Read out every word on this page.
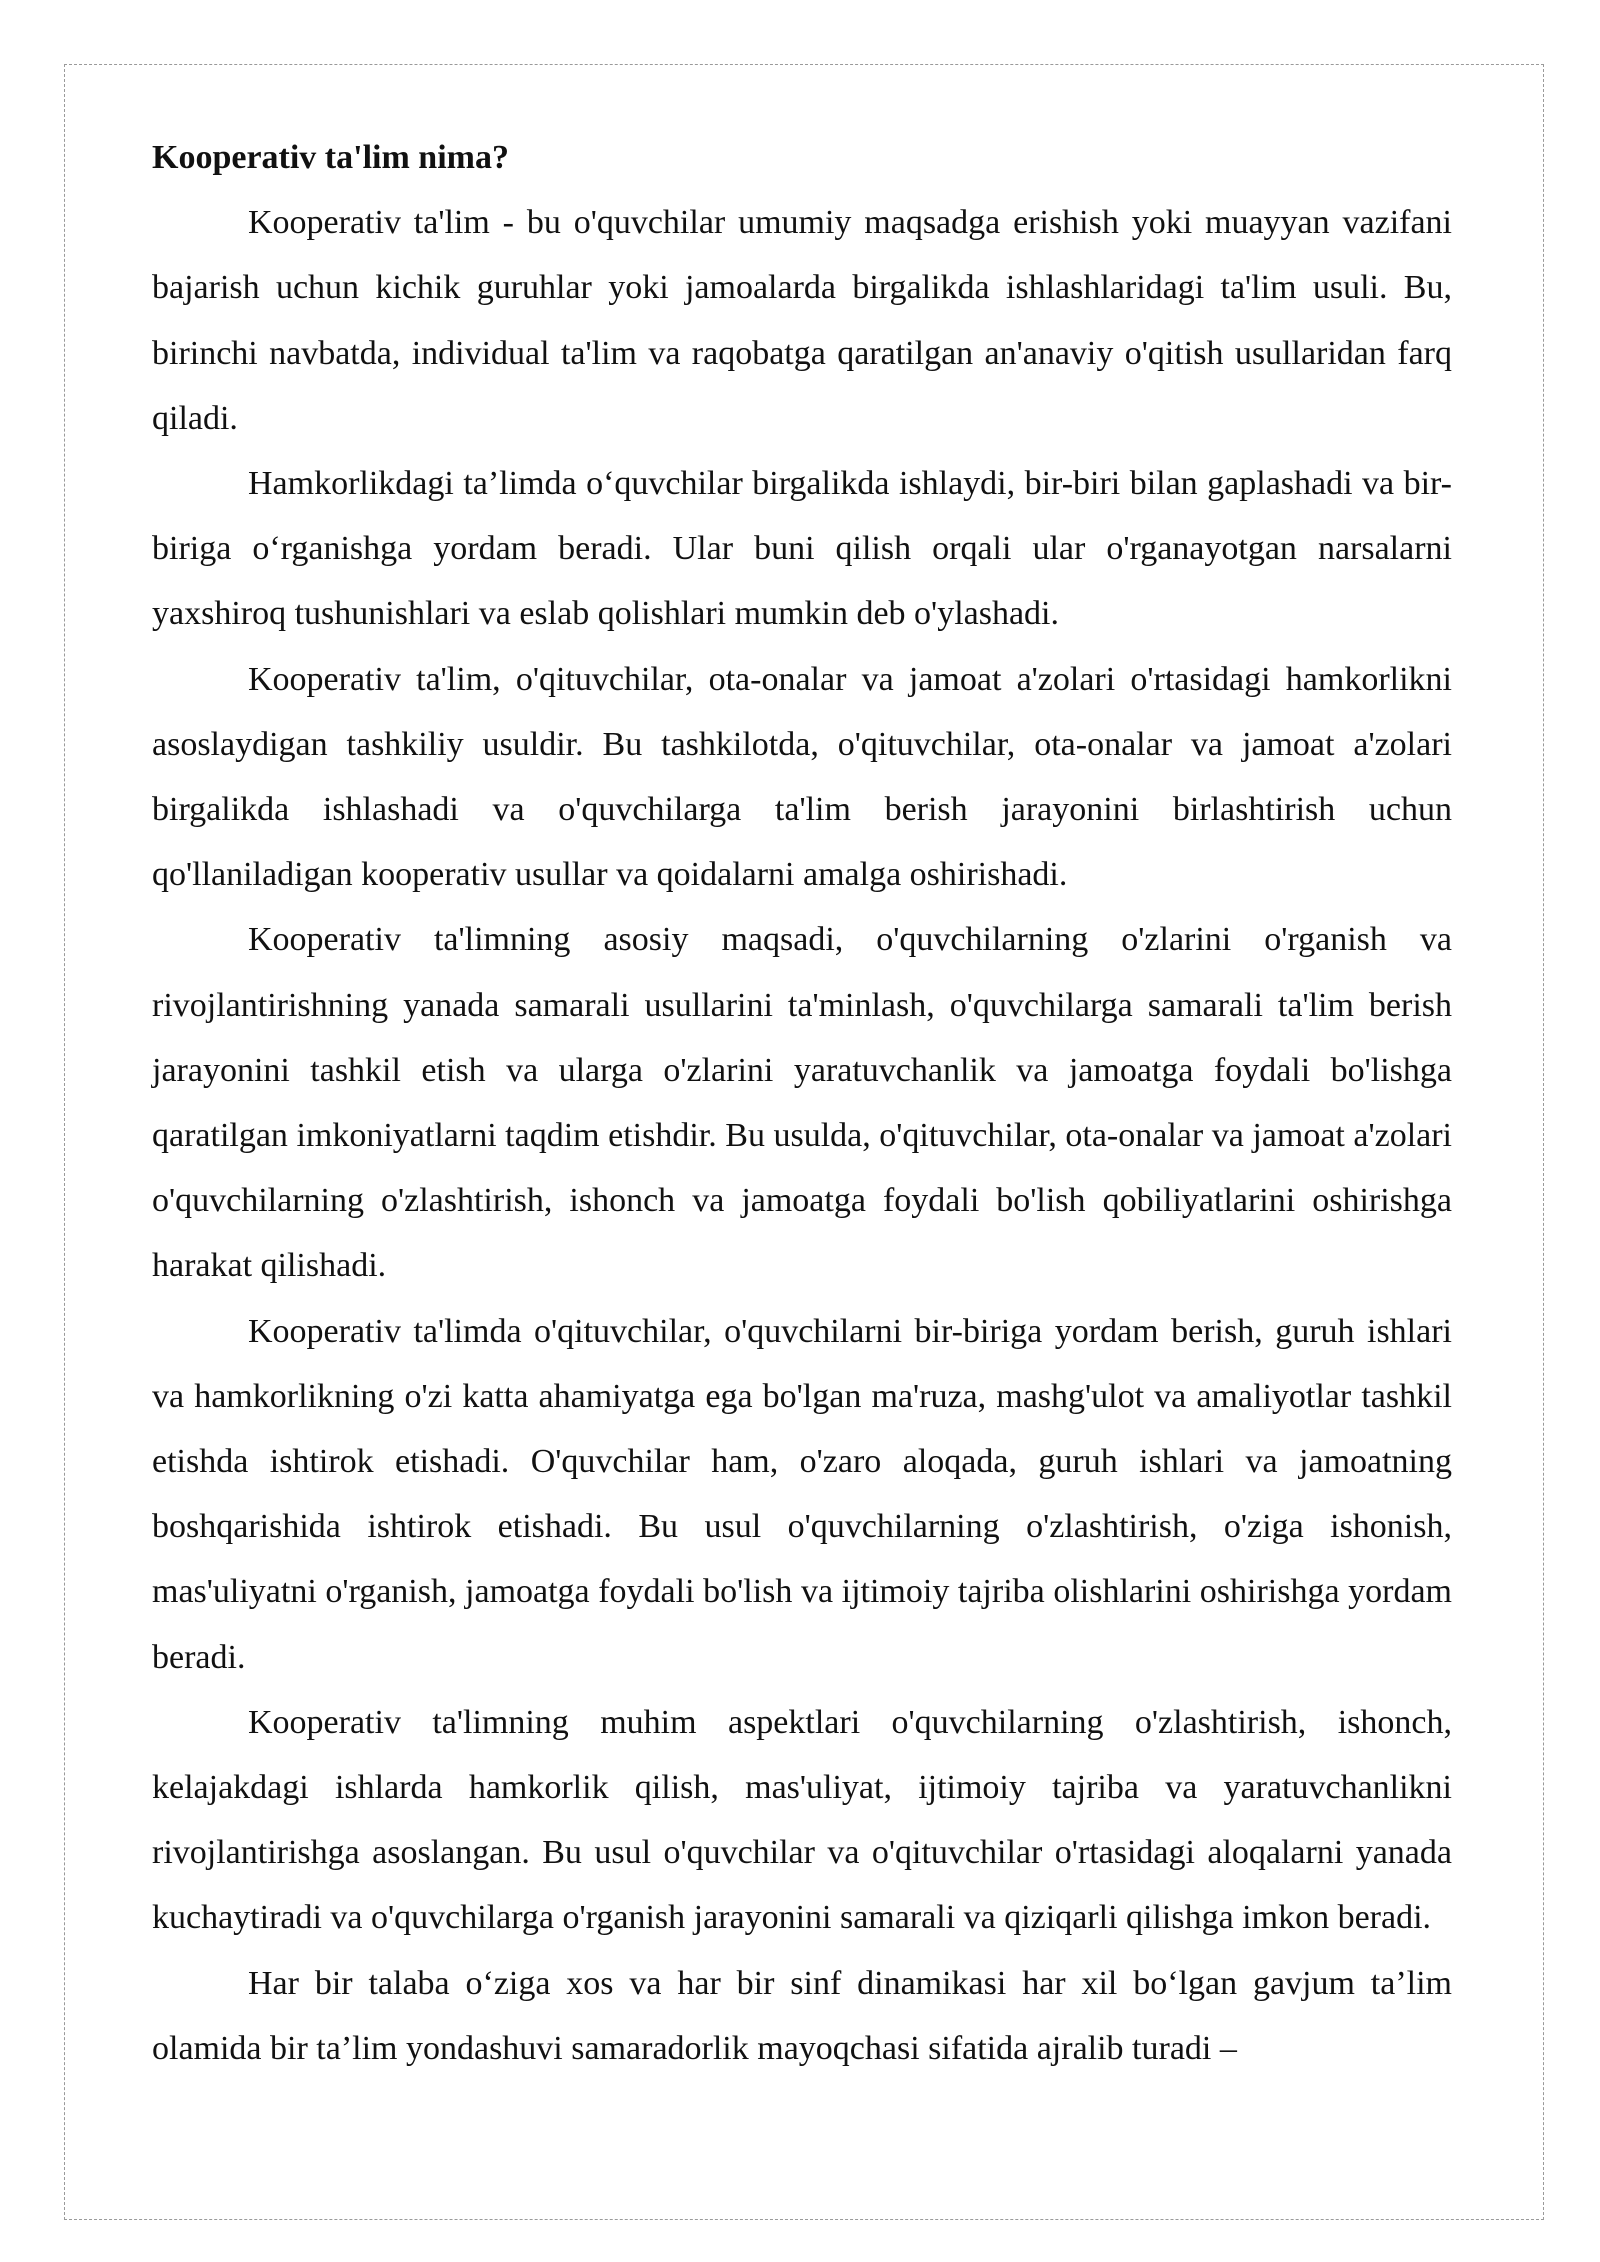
Kooperativ ta'lim nima?

Kooperativ ta'lim - bu o'quvchilar umumiy maqsadga erishish yoki muayyan vazifani bajarish uchun kichik guruhlar yoki jamoalarda birgalikda ishlashlaridagi ta'lim usuli. Bu, birinchi navbatda, individual ta'lim va raqobatga qaratilgan an'anaviy o'qitish usullaridan farq qiladi.

Hamkorlikdagi ta’limda o‘quvchilar birgalikda ishlaydi, bir-biri bilan gaplashadi va bir-biriga o‘rganishga yordam beradi. Ular buni qilish orqali ular o'rganayotgan narsalarni yaxshiroq tushunishlari va eslab qolishlari mumkin deb o'ylashadi.

Kooperativ ta'lim, o'qituvchilar, ota-onalar va jamoat a'zolari o'rtasidagi hamkorlikni asoslaydigan tashkiliy usuldir. Bu tashkilotda, o'qituvchilar, ota-onalar va jamoat a'zolari birgalikda ishlashadi va o'quvchilarga ta'lim berish jarayonini birlashtirish uchun qo'llaniladigan kooperativ usullar va qoidalarni amalga oshirishadi.

Kooperativ ta'limning asosiy maqsadi, o'quvchilarning o'zlarini o'rganish va rivojlantirishning yanada samarali usullarini ta'minlash, o'quvchilarga samarali ta'lim berish jarayonini tashkil etish va ularga o'zlarini yaratuvchanlik va jamoatga foydali bo'lishga qaratilgan imkoniyatlarni taqdim etishdir. Bu usulda, o'qituvchilar, ota-onalar va jamoat a'zolari o'quvchilarning o'zlashtirish, ishonch va jamoatga foydali bo'lish qobiliyatlarini oshirishga harakat qilishadi.

Kooperativ ta'limda o'qituvchilar, o'quvchilarni bir-biriga yordam berish, guruh ishlari va hamkorlikning o'zi katta ahamiyatga ega bo'lgan ma'ruza, mashg'ulot va amaliyotlar tashkil etishda ishtirok etishadi. O'quvchilar ham, o'zaro aloqada, guruh ishlari va jamoatning boshqarishida ishtirok etishadi. Bu usul o'quvchilarning o'zlashtirish, o'ziga ishonish, mas'uliyatni o'rganish, jamoatga foydali bo'lish va ijtimoiy tajriba olishlarini oshirishga yordam beradi.

Kooperativ ta'limning muhim aspektlari o'quvchilarning o'zlashtirish, ishonch, kelajakdagi ishlarda hamkorlik qilish, mas'uliyat, ijtimoiy tajriba va yaratuvchanlikni rivojlantirishga asoslangan. Bu usul o'quvchilar va o'qituvchilar o'rtasidagi aloqalarni yanada kuchaytiradi va o'quvchilarga o'rganish jarayonini samarali va qiziqarli qilishga imkon beradi.

Har bir talaba o‘ziga xos va har bir sinf dinamikasi har xil bo‘lgan gavjum ta’lim olamida bir ta’lim yondashuvi samaradorlik mayoqchasi sifatida ajralib turadi –
